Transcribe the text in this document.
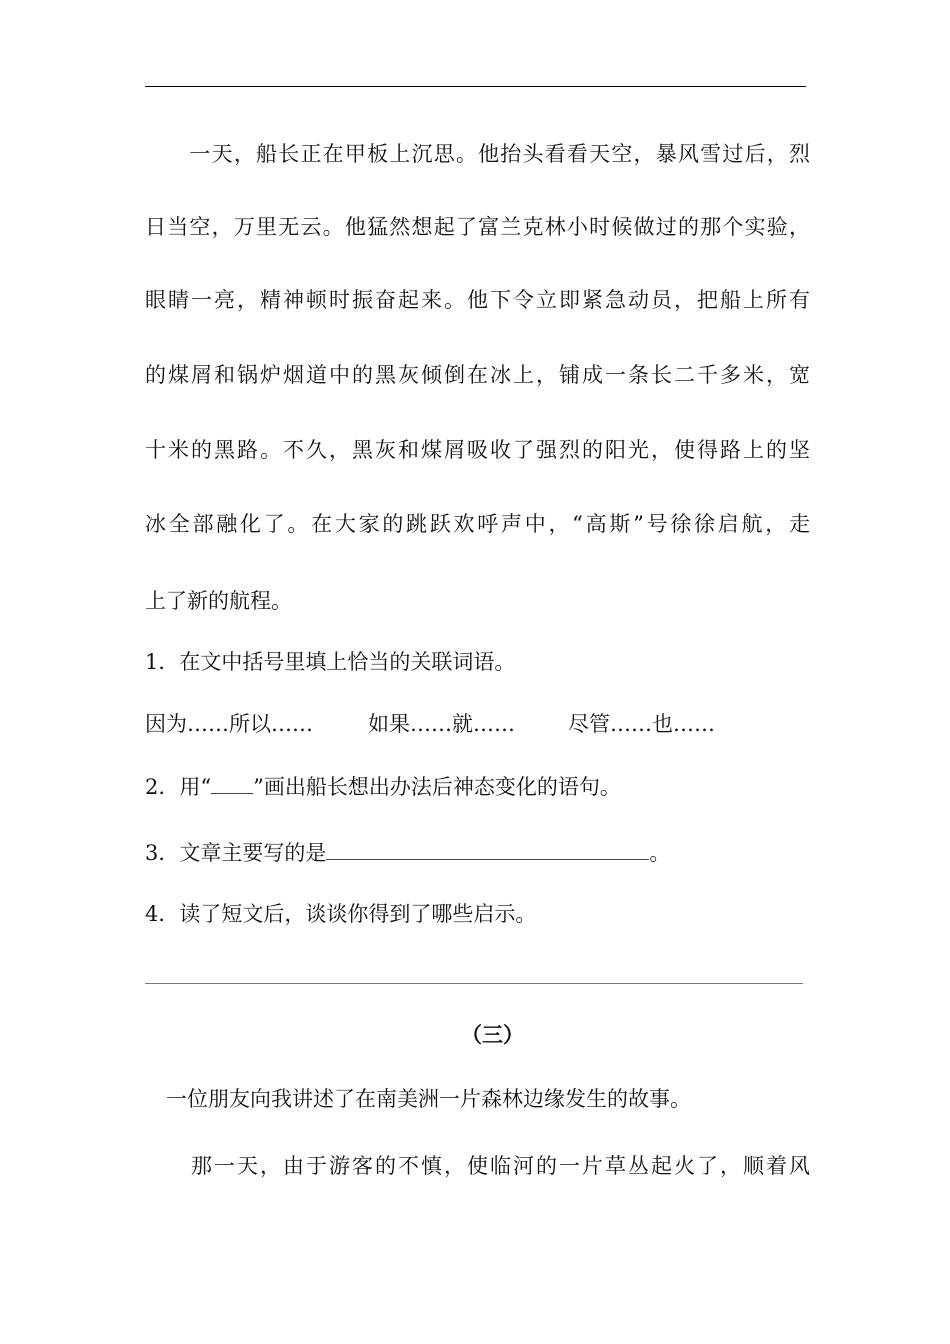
　　一天，船长正在甲板上沉思。他抬头看看天空，暴风雪过后，烈
日当空，万里无云。他猛然想起了富兰克林小时候做过的那个实验，
眼睛一亮，精神顿时振奋起来。他下令立即紧急动员，把船上所有
的煤屑和锅炉烟道中的黑灰倾倒在冰上，铺成一条长二千多米，宽
十米的黑路。不久，黑灰和煤屑吸收了强烈的阳光，使得路上的坚
冰全部融化了。在大家的跳跃欢呼声中，“高斯”号徐徐启航，走
上了新的航程。
1．在文中括号里填上恰当的关联词语。
因为……所以……	如果……就……	尽管……也……
2．用“ ”画出船长想出办法后神态变化的语句。
3．文章主要写的是	。
4．读了短文后，谈谈你得到了哪些启示。
（三）
　一位朋友向我讲述了在南美洲一片森林边缘发生的故事。
　　那一天，由于游客的不慎，使临河的一片草丛起火了，顺着风
